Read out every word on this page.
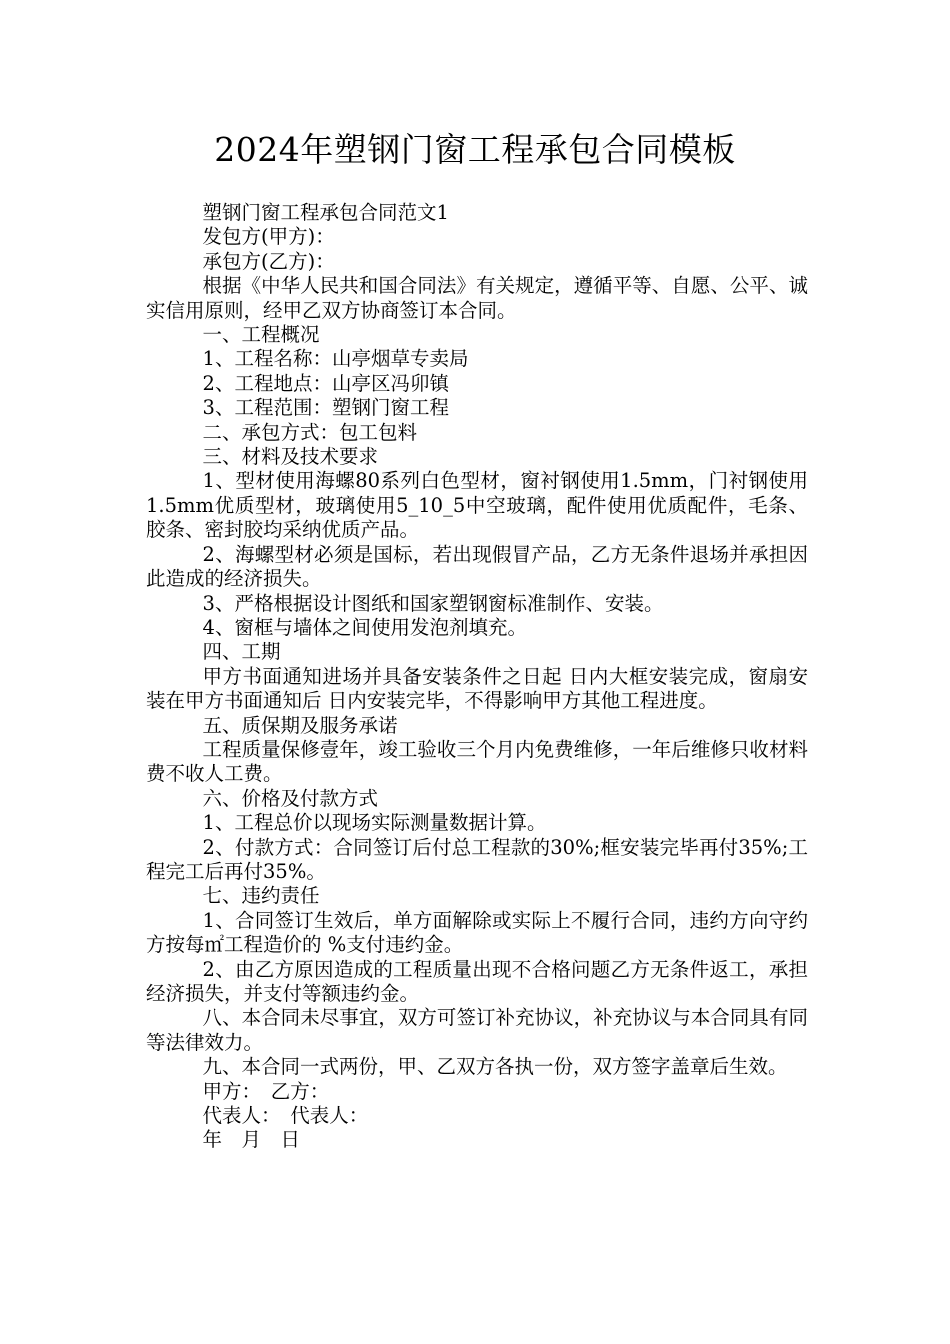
2024年塑钢门窗工程承包合同模板

塑钢门窗工程承包合同范文1

发包方(甲方)：

承包方(乙方)：

根据《中华人民共和国合同法》有关规定，遵循平等、自愿、公平、诚实信用原则，经甲乙双方协商签订本合同。

一、工程概况

1、工程名称：山亭烟草专卖局

2、工程地点：山亭区冯卯镇

3、工程范围：塑钢门窗工程

二、承包方式：包工包料

三、材料及技术要求

1、型材使用海螺80系列白色型材，窗衬钢使用1.5mm，门衬钢使用1.5mm优质型材，玻璃使用5_10_5中空玻璃，配件使用优质配件，毛条、胶条、密封胶均采纳优质产品。

2、海螺型材必须是国标，若出现假冒产品，乙方无条件退场并承担因此造成的经济损失。

3、严格根据设计图纸和国家塑钢窗标准制作、安装。

4、窗框与墙体之间使用发泡剂填充。

四、工期

甲方书面通知进场并具备安装条件之日起 日内大框安装完成，窗扇安装在甲方书面通知后 日内安装完毕，不得影响甲方其他工程进度。

五、质保期及服务承诺

工程质量保修壹年，竣工验收三个月内免费维修，一年后维修只收材料费不收人工费。

六、价格及付款方式

1、工程总价以现场实际测量数据计算。

2、付款方式：合同签订后付总工程款的30%;框安装完毕再付35%;工程完工后再付35%。

七、违约责任

1、合同签订生效后，单方面解除或实际上不履行合同，违约方向守约方按每㎡工程造价的 %支付违约金。

2、由乙方原因造成的工程质量出现不合格问题乙方无条件返工，承担经济损失，并支付等额违约金。

八、本合同未尽事宜，双方可签订补充协议，补充协议与本合同具有同等法律效力。

九、本合同一式两份，甲、乙双方各执一份，双方签字盖章后生效。

甲方：　乙方：

代表人：　代表人：

年　月　日
